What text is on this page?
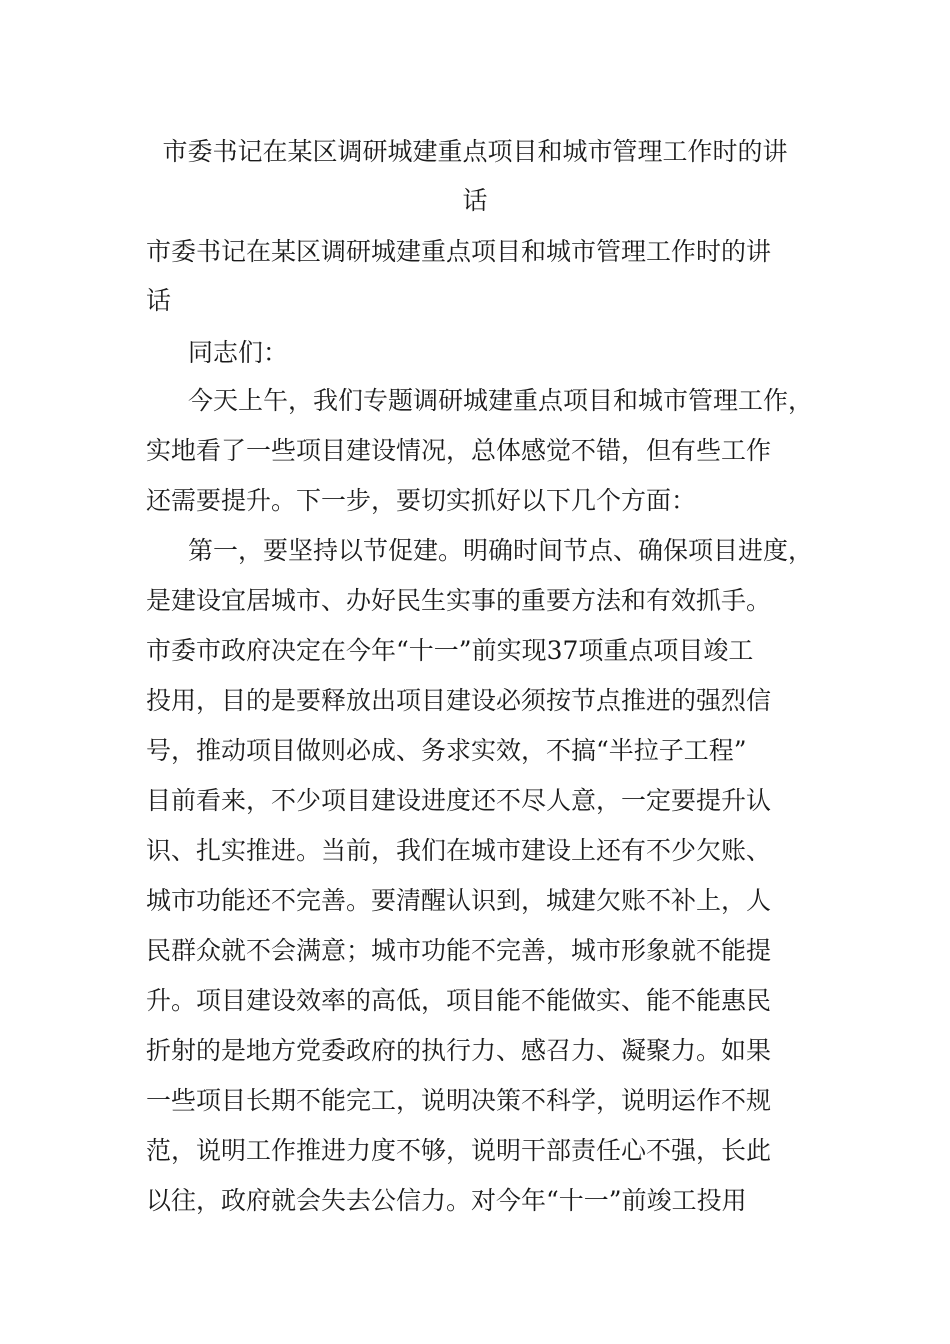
市委书记在某区调研城建重点项目和城市管理工作时的讲
话
市委书记在某区调研城建重点项目和城市管理工作时的讲
话
同志们：
今天上午，我们专题调研城建重点项目和城市管理工作，
实地看了一些项目建设情况，总体感觉不错，但有些工作
还需要提升。下一步，要切实抓好以下几个方面：
第一，要坚持以节促建。明确时间节点、确保项目进度，
是建设宜居城市、办好民生实事的重要方法和有效抓手。
市委市政府决定在今年“十一”前实现37项重点项目竣工
投用，目的是要释放出项目建设必须按节点推进的强烈信
号，推动项目做则必成、务求实效，不搞“半拉子工程”
目前看来，不少项目建设进度还不尽人意，一定要提升认
识、扎实推进。当前，我们在城市建设上还有不少欠账、
城市功能还不完善。要清醒认识到，城建欠账不补上，人
民群众就不会满意；城市功能不完善，城市形象就不能提
升。项目建设效率的高低，项目能不能做实、能不能惠民
折射的是地方党委政府的执行力、感召力、凝聚力。如果
一些项目长期不能完工，说明决策不科学，说明运作不规
范，说明工作推进力度不够，说明干部责任心不强，长此
以往，政府就会失去公信力。对今年“十一”前竣工投用
